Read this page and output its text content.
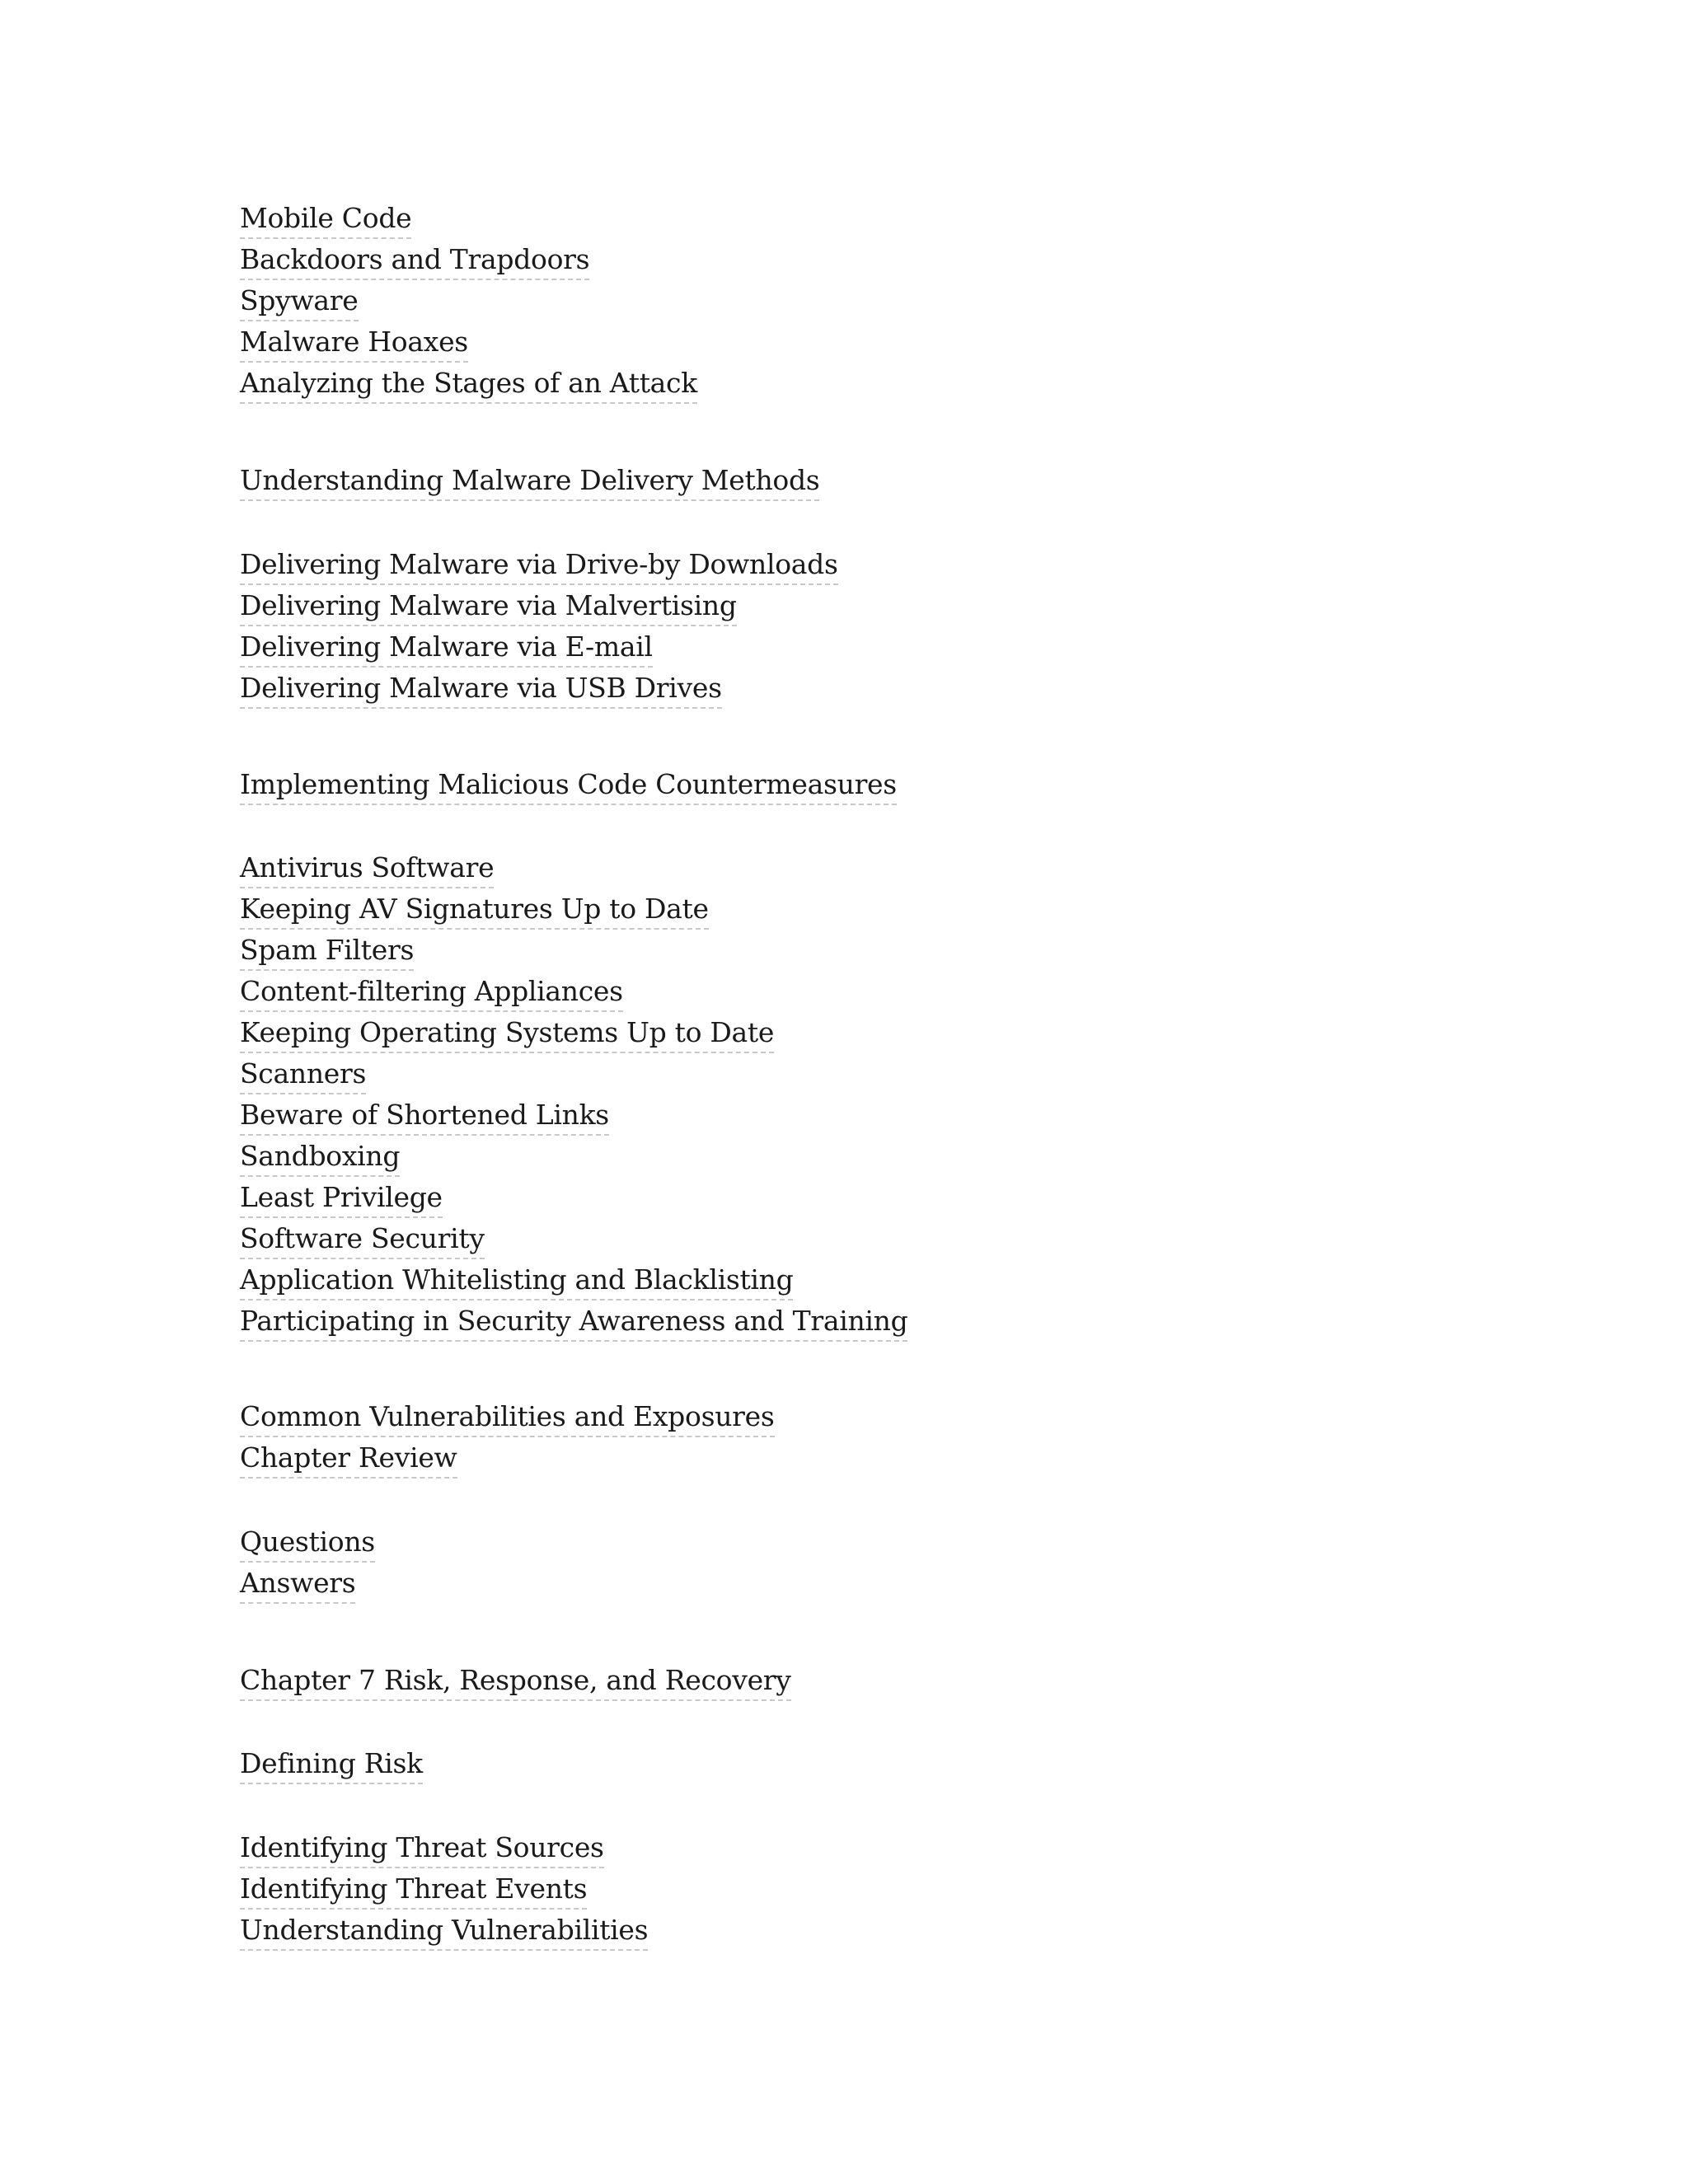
Mobile Code
Backdoors and Trapdoors
Spyware
Malware Hoaxes
Analyzing the Stages of an Attack
Understanding Malware Delivery Methods
Delivering Malware via Drive-by Downloads
Delivering Malware via Malvertising
Delivering Malware via E-mail
Delivering Malware via USB Drives
Implementing Malicious Code Countermeasures
Antivirus Software
Keeping AV Signatures Up to Date
Spam Filters
Content-filtering Appliances
Keeping Operating Systems Up to Date
Scanners
Beware of Shortened Links
Sandboxing
Least Privilege
Software Security
Application Whitelisting and Blacklisting
Participating in Security Awareness and Training
Common Vulnerabilities and Exposures
Chapter Review
Questions
Answers
Chapter 7 Risk, Response, and Recovery
Defining Risk
Identifying Threat Sources
Identifying Threat Events
Understanding Vulnerabilities
